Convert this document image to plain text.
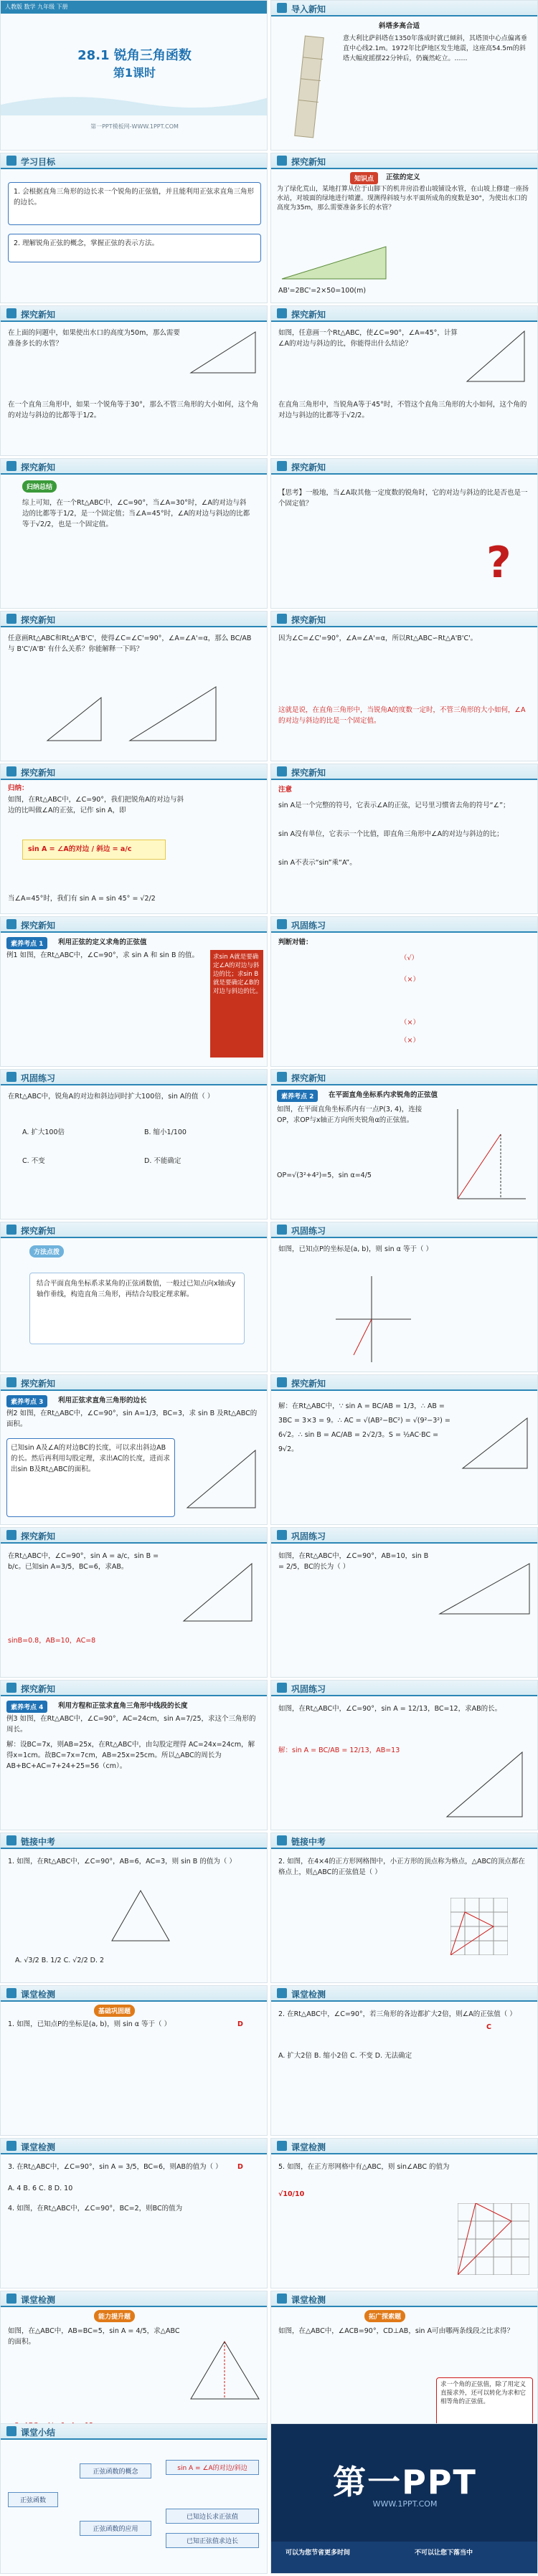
人教版 数学 九年级 下册
28.1 锐角三角函数
第1课时
第一PPT模板网-WWW.1PPT.COM
导入新知
斜塔多高合适
意大利比萨斜塔在1350年落成时就已倾斜，其塔顶中心点偏离垂直中心线2.1m。1972年比萨地区发生地震，这座高54.5m的斜塔大幅度摇摆22分钟后，仍巍然屹立。……
学习目标
1. 会根据直角三角形的边长求一个锐角的正弦值，并且能利用正弦求直角三角形的边长。
2. 理解锐角正弦的概念，掌握正弦的表示方法。
探究新知
知识点	正弦的定义
为了绿化荒山，某地打算从位于山脚下的机井房沿着山坡铺设水管，在山坡上修建一座扬水站，对坡面的绿地进行喷灌。现测得斜坡与水平面所成角的度数是30°，为使出水口的高度为35m，那么需要准备多长的水管？
AB'=2BC'=2×50=100(m)
探究新知
在上面的问题中，如果使出水口的高度为50m，那么需要准备多长的水管？
在一个直角三角形中，如果一个锐角等于30°，那么不管三角形的大小如何，这个角的对边与斜边的比都等于1/2。
探究新知
如图，任意画一个Rt△ABC，使∠C=90°，∠A=45°，计算∠A的对边与斜边的比，你能得出什么结论？
在直角三角形中，当锐角A等于45°时，不管这个直角三角形的大小如何，这个角的对边与斜边的比都等于√2/2。
探究新知
归纳总结
综上可知，在一个Rt△ABC中，∠C=90°，当∠A=30°时，∠A的对边与斜边的比都等于1/2，是一个固定值；当∠A=45°时，∠A的对边与斜边的比都等于√2/2，也是一个固定值。
探究新知
【思考】一般地，当∠A取其他一定度数的锐角时，它的对边与斜边的比是否也是一个固定值？
?
探究新知
任意画Rt△ABC和Rt△A'B'C'，使得∠C=∠C'=90°，∠A=∠A'=α，那么 BC/AB 与 B'C'/A'B' 有什么关系？你能解释一下吗？
探究新知
因为∠C=∠C'=90°，∠A=∠A'=α，所以Rt△ABC∽Rt△A'B'C'。
这就是说，在直角三角形中，当锐角A的度数一定时，不管三角形的大小如何，∠A的对边与斜边的比是一个固定值。
探究新知
归纳：
如图，在Rt△ABC中，∠C=90°，我们把锐角A的对边与斜边的比叫做∠A的正弦，记作 sin A，即
sin A = ∠A的对边 / 斜边 = a/c
当∠A=45°时，我们有 sin A = sin 45° = √2/2
探究新知
注意
sin A是一个完整的符号，它表示∠A的正弦，记号里习惯省去角的符号“∠”；
sin A没有单位，它表示一个比值，即直角三角形中∠A的对边与斜边的比；
sin A不表示“sin”乘“A”。
探究新知
素养考点 1	利用正弦的定义求角的正弦值
例1 如图，在Rt△ABC中，∠C=90°，求 sin A 和 sin B 的值。	求sin A就是要确定∠A的对边与斜边的比；求sin B就是要确定∠B的对边与斜边的比。
巩固练习
判断对错：
（√）
（×）
（×）
（×）
巩固练习
在Rt△ABC中，锐角A的对边和斜边同时扩大100倍，sin A的值（ ）
A. 扩大100倍	B. 缩小1/100
C. 不变	D. 不能确定
探究新知
素养考点 2	在平面直角坐标系内求锐角的正弦值
如图，在平面直角坐标系内有一点P(3, 4)，连接OP，求OP与x轴正方向所夹锐角α的正弦值。
OP=√(3²+4²)=5，sin α=4/5
探究新知
方法点拨
结合平面直角坐标系求某角的正弦函数值，一般过已知点向x轴或y轴作垂线，构造直角三角形，再结合勾股定理求解。
巩固练习
如图，已知点P的坐标是(a, b)，则 sin α 等于（ ）
探究新知
素养考点 3	利用正弦求直角三角形的边长
例2 如图，在Rt△ABC中，∠C=90°，sin A=1/3，BC=3，求 sin B 及Rt△ABC的面积。
已知sin A及∠A的对边BC的长度，可以求出斜边AB的长。然后再利用勾股定理，求出AC的长度，进而求出sin B及Rt△ABC的面积。
探究新知
解：在Rt△ABC中，∵ sin A = BC/AB = 1/3，∴ AB = 3BC = 3×3 = 9。∴ AC = √(AB²−BC²) = √(9²−3²) = 6√2。∴ sin B = AC/AB = 2√2/3。S = ½AC·BC = 9√2。
探究新知
在Rt△ABC中，∠C=90°，sin A = a/c，sin B = b/c。已知sin A=3/5，BC=6，求AB。
sinB=0.8，AB=10，AC=8
巩固练习
如图，在Rt△ABC中，∠C=90°，AB=10，sin B = 2/5，BC的长为（ ）
探究新知
素养考点 4	利用方程和正弦求直角三角形中线段的长度
例3 如图，在Rt△ABC中，∠C=90°，AC=24cm，sin A=7/25，求这个三角形的周长。
解：设BC=7x，则AB=25x，在Rt△ABC中，由勾股定理得 AC=24x=24cm，解得x=1cm。故BC=7x=7cm，AB=25x=25cm。所以△ABC的周长为 AB+BC+AC=7+24+25=56（cm）。
巩固练习
如图，在Rt△ABC中，∠C=90°，sin A = 12/13，BC=12，求AB的长。
解：sin A = BC/AB = 12/13，AB=13
链接中考
1. 如图，在Rt△ABC中，∠C=90°，AB=6，AC=3，则 sin B 的值为（ ）
A. √3/2 B. 1/2 C. √2/2 D. 2
链接中考
2. 如图，在4×4的正方形网格图中，小正方形的顶点称为格点，△ABC的顶点都在格点上，则△ABC的正弦值是（ ）
课堂检测
基础巩固题
1. 如图，已知点P的坐标是(a, b)，则 sin α 等于（ ）	D
课堂检测
2. 在Rt△ABC中，∠C=90°，若三角形的各边都扩大2倍，则∠A的正弦值（ ）
A. 扩大2倍 B. 缩小2倍 C. 不变 D. 无法确定
C
课堂检测
3. 在Rt△ABC中，∠C=90°，sin A = 3/5，BC=6，则AB的值为（ ）
A. 4 B. 6 C. 8 D. 10
4. 如图，在Rt△ABC中，∠C=90°，BC=2，则BC的值为
D
课堂检测
5. 如图，在正方形网格中有△ABC，则 sin∠ABC 的值为
√10/10
课堂检测
能力提升题
如图，在△ABC中，AB=BC=5，sin A = 4/5，求△ABC的面积。
课堂检测
拓广探索题
如图，在△ABC中，∠ACB=90°，CD⊥AB，sin A可由哪两条线段之比求得？
求一个角的正弦值，除了用定义直接求外，还可以转化为求和它相等角的正弦值。
课堂小结
正弦函数
正弦函数的概念
正弦函数的应用
sin A = ∠A的对边/斜边
已知边长求正弦值
已知正弦值求边长
第一PPT
WWW.1PPT.COM
可以为您节省更多时间	不可以让您下落当中
